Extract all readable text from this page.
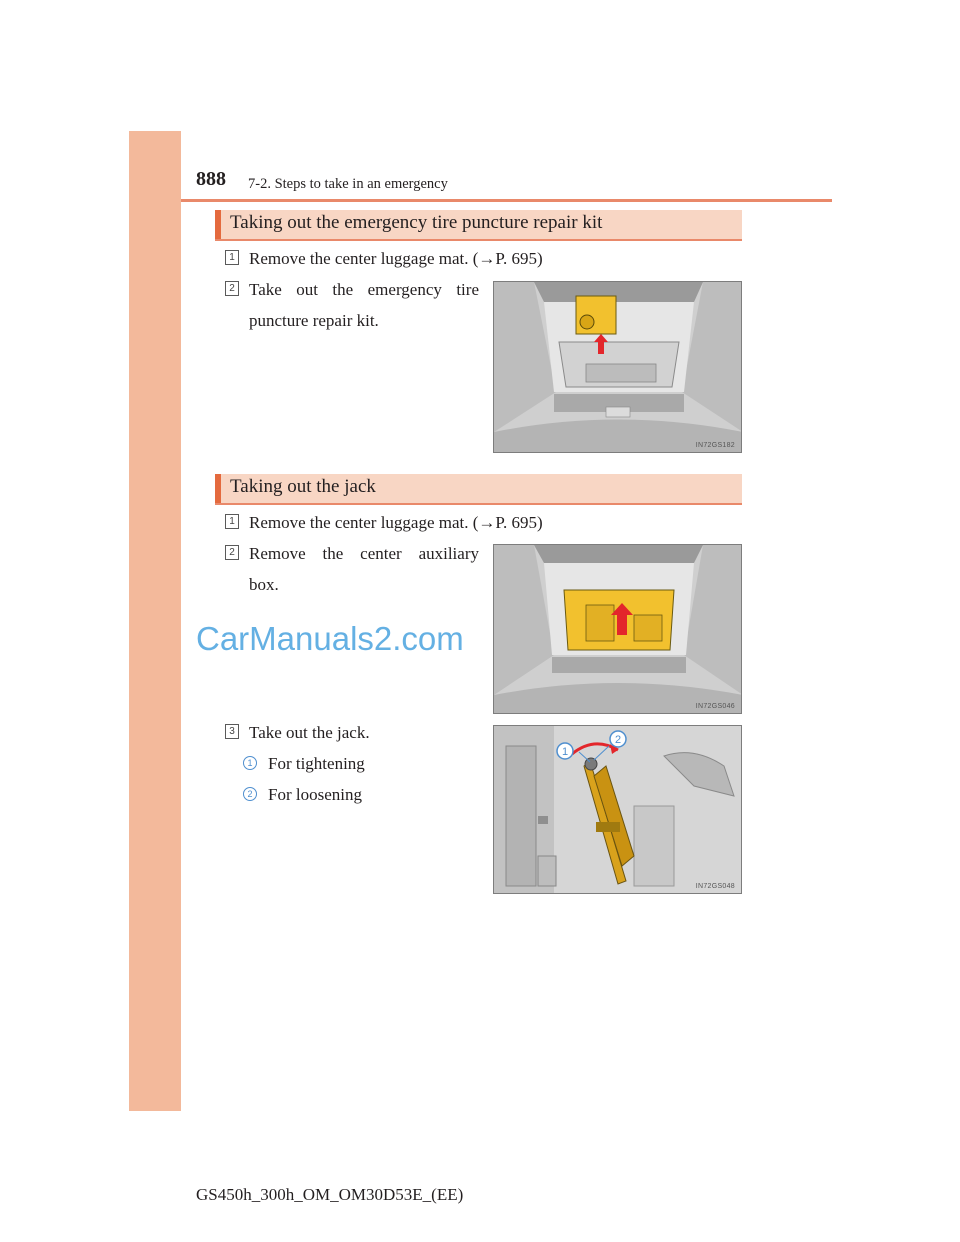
888 7-2. Steps to take in an emergency
Taking out the emergency tire puncture repair kit
1 Remove the center luggage mat. (→P. 695)
2 Take out the emergency tire
puncture repair kit.
IN72GS182
Taking out the jack
1 Remove the center luggage mat. (→P. 695)
2 Remove the center auxiliary
box.
IN72GS046
CarManuals2.com
3 Take out the jack.
1 For tightening
2 For loosening
1
2
IN72GS048
GS450h_300h_OM_OM30D53E_(EE)
